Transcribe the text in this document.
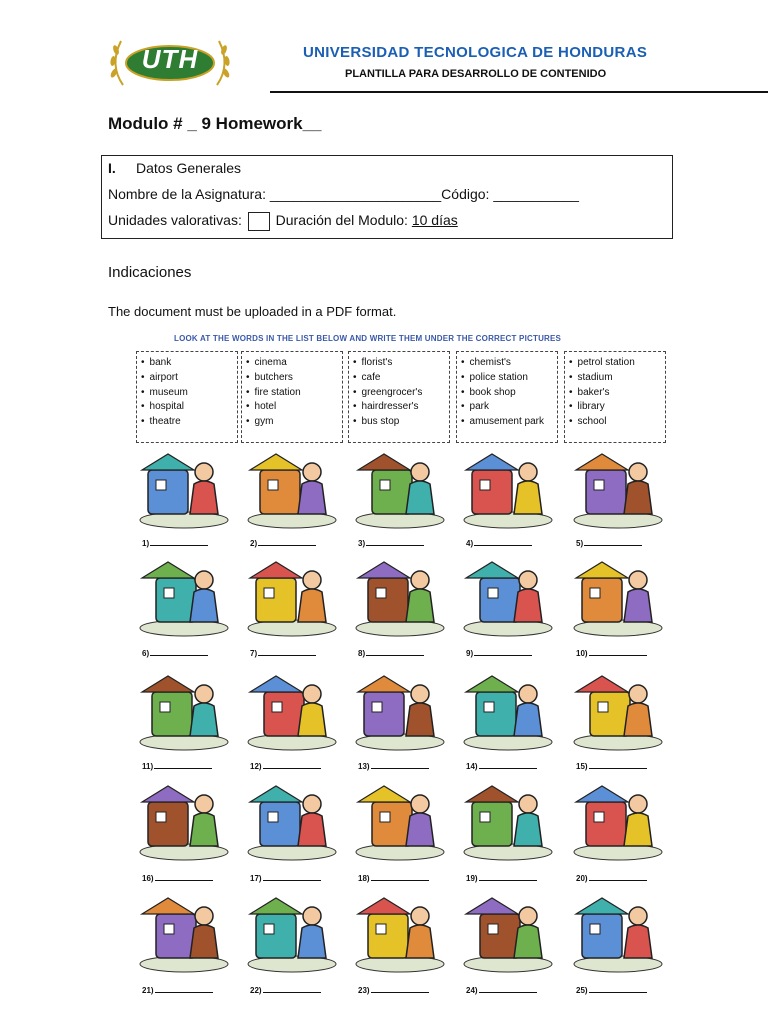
UTH	UNIVERSIDAD TECNOLOGICA DE HONDURAS
PLANTILLA PARA DESARROLLO DE CONTENIDO
Modulo # _ 9 Homework__
I. Datos Generales
Nombre de la Asignatura: ______________________Código: ___________
Unidades valorativas: Duración del Modulo: 10 días
Indicaciones
The document must be uploaded in a PDF format.
LOOK AT THE WORDS IN THE LIST BELOW AND WRITE THEM UNDER THE CORRECT PICTURES
• bank
• airport
• museum
• hospital
• theatre
• cinema
• butchers
• fire station
• hotel
• gym
• florist's
• cafe
• greengrocer's
• hairdresser's
• bus stop
• chemist's
• police station
• book shop
• park
• amusement park
• petrol station
• stadium
• baker's
• library
• school
1)	2)	3)	4)	5)
6)	7)	8)	9)	10)
11)	12)	13)	14)	15)
16)	17)	18)	19)	20)
21)	22)	23)	24)	25)
